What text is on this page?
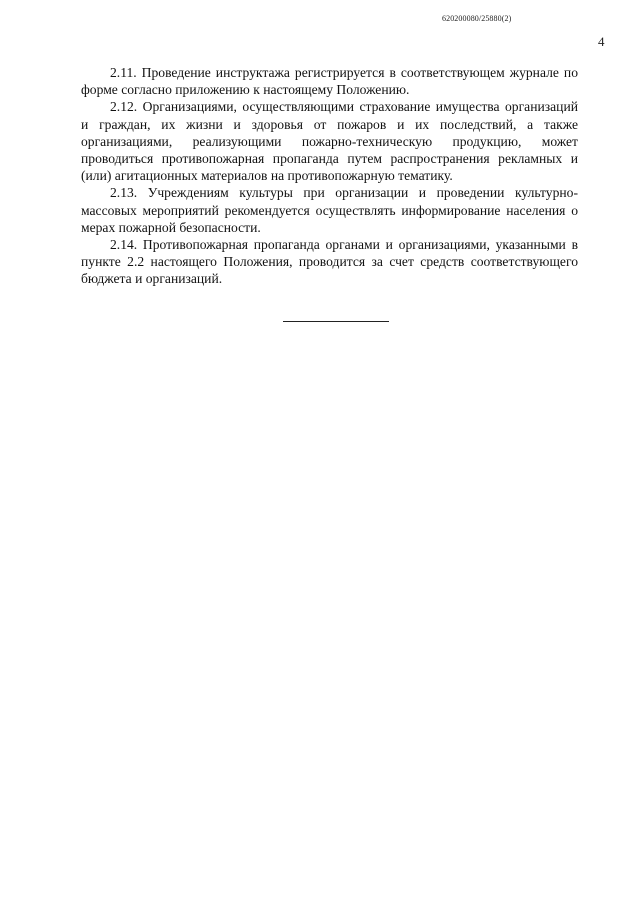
620200080/25880(2)
4

2.11. Проведение инструктажа регистрируется в соответствующем журнале по форме согласно приложению к настоящему Положению.

2.12. Организациями, осуществляющими страхование имущества организаций и граждан, их жизни и здоровья от пожаров и их последствий, а также организациями, реализующими пожарно-техническую продукцию, может проводиться противопожарная пропаганда путем распространения рекламных и (или) агитационных материалов на противопожарную тематику.

2.13. Учреждениям культуры при организации и проведении культурно- массовых мероприятий рекомендуется осуществлять информирование населения о мерах пожарной безопасности.

2.14. Противопожарная пропаганда органами и организациями, указанными в пункте 2.2 настоящего Положения, проводится за счет средств соответствующего бюджета и организаций.
